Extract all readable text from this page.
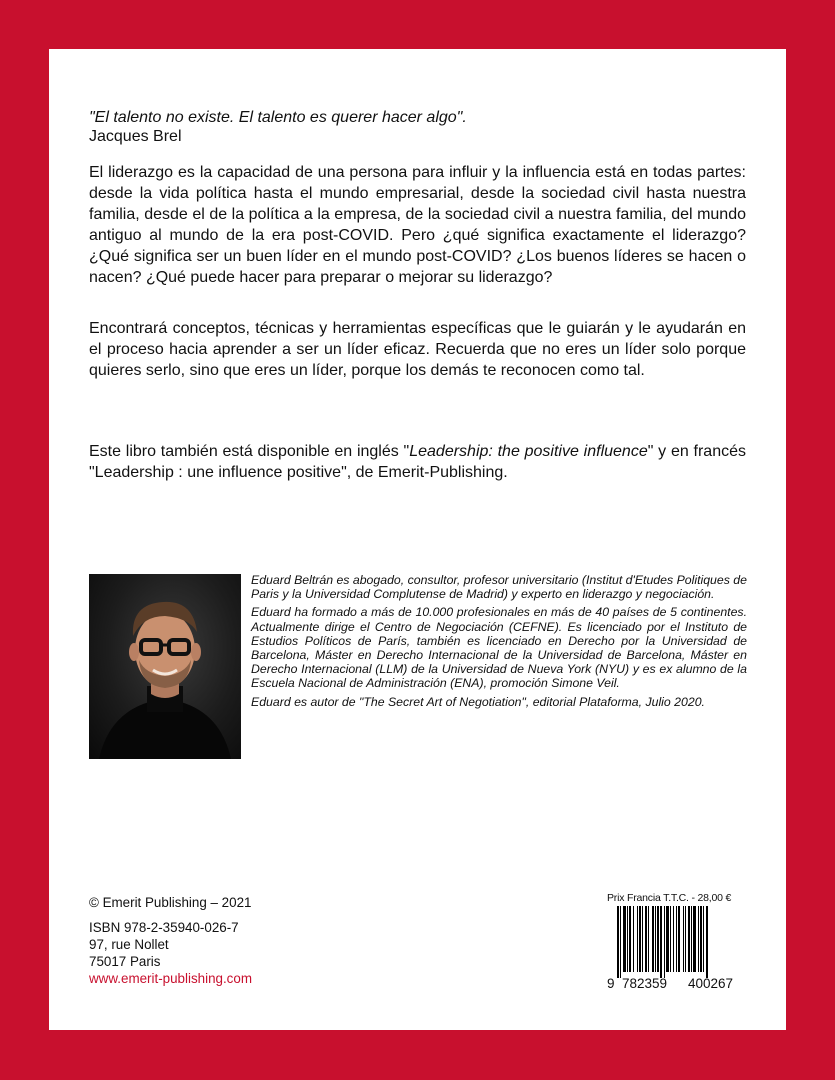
"El talento no existe. El talento es querer hacer algo".
Jacques Brel

El liderazgo es la capacidad de una persona para influir y la influencia está en todas partes: desde la vida política hasta el mundo empresarial, desde la sociedad civil hasta nuestra familia, desde el de la política a la empresa, de la sociedad civil a nuestra familia, del mundo antiguo al mundo de la era post-COVID. Pero ¿qué significa exactamente el liderazgo? ¿Qué significa ser un buen líder en el mundo post-COVID? ¿Los buenos líderes se hacen o nacen? ¿Qué puede hacer para preparar o mejorar su liderazgo?

Encontrará conceptos, técnicas y herramientas específicas que le guiarán y le ayudarán en el proceso hacia aprender a ser un líder eficaz. Recuerda que no eres un líder solo porque quieres serlo, sino que eres un líder, porque los demás te reconocen como tal.

Este libro también está disponible en inglés "Leadership: the positive influence" y en francés "Leadership : une influence positive", de Emerit-Publishing.

Eduard Beltrán es abogado, consultor, profesor universitario (Institut d'Etudes Politiques de Paris y la Universidad Complutense de Madrid) y experto en liderazgo y negociación.

Eduard ha formado a más de 10.000 profesionales en más de 40 países de 5 continentes. Actualmente dirige el Centro de Negociación (CEFNE). Es licenciado por el Instituto de Estudios Políticos de París, también es licenciado en Derecho por la Universidad de Barcelona, Máster en Derecho Internacional de la Universidad de Barcelona, Máster en Derecho Internacional (LLM) de la Universidad de Nueva York (NYU) y es ex alumno de la Escuela Nacional de Administración (ENA), promoción Simone Veil.

Eduard es autor de "The Secret Art of Negotiation", editorial Plataforma, Julio 2020.

© Emerit Publishing – 2021
ISBN 978-2-35940-026-7
97, rue Nollet
75017 Paris
www.emerit-publishing.com
Prix Francia T.T.C. - 28,00 €
9 782359 400267
